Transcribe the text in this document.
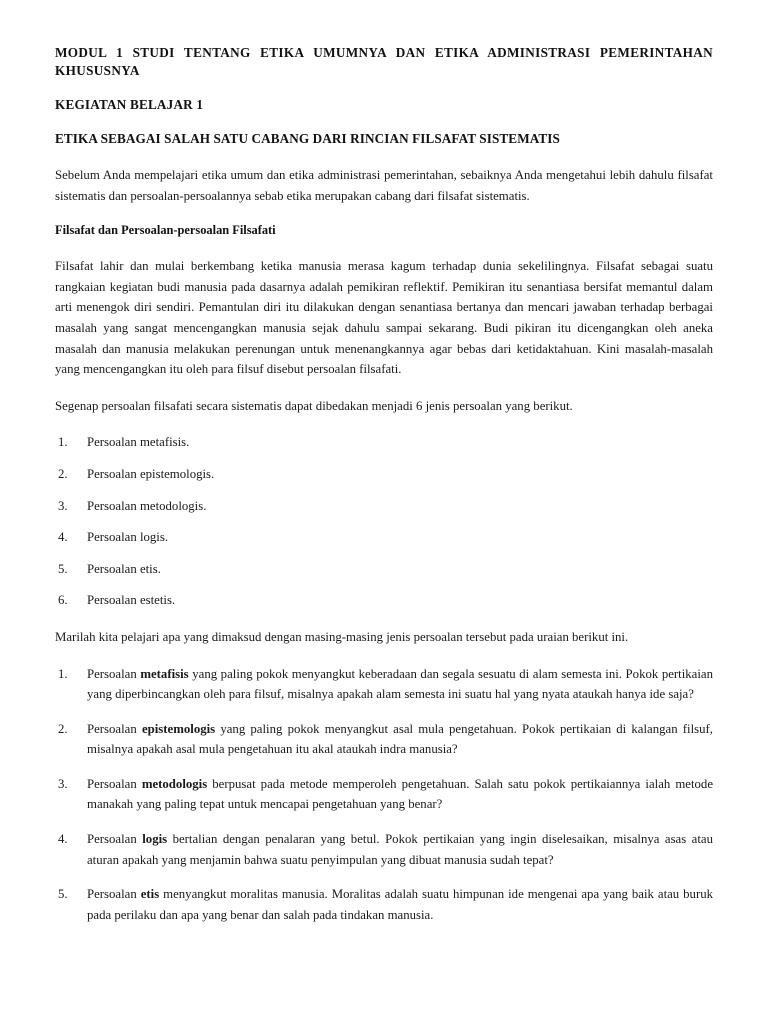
MODUL 1 STUDI TENTANG ETIKA UMUMNYA DAN ETIKA ADMINISTRASI PEMERINTAHAN KHUSUSNYA
KEGIATAN BELAJAR 1
ETIKA SEBAGAI SALAH SATU CABANG DARI RINCIAN FILSAFAT SISTEMATIS

Sebelum Anda mempelajari etika umum dan etika administrasi pemerintahan, sebaiknya Anda mengetahui lebih dahulu filsafat sistematis dan persoalan-persoalannya sebab etika merupakan cabang dari filsafat sistematis.

Filsafat dan Persoalan-persoalan Filsafati

Filsafat lahir dan mulai berkembang ketika manusia merasa kagum terhadap dunia sekelilingnya. Filsafat sebagai suatu rangkaian kegiatan budi manusia pada dasarnya adalah pemikiran reflektif. Pemikiran itu senantiasa bersifat memantul dalam arti menengok diri sendiri. Pemantulan diri itu dilakukan dengan senantiasa bertanya dan mencari jawaban terhadap berbagai masalah yang sangat mencengangkan manusia sejak dahulu sampai sekarang. Budi pikiran itu dicengangkan oleh aneka masalah dan manusia melakukan perenungan untuk menenangkannya agar bebas dari ketidaktahuan. Kini masalah-masalah yang mencengangkan itu oleh para filsuf disebut persoalan filsafati.

Segenap persoalan filsafati secara sistematis dapat dibedakan menjadi 6 jenis persoalan yang berikut.

1.	Persoalan metafisis.
2.	Persoalan epistemologis.
3.	Persoalan metodologis.
4.	Persoalan logis.
5.	Persoalan etis.
6.	Persoalan estetis.

Marilah kita pelajari apa yang dimaksud dengan masing-masing jenis persoalan tersebut pada uraian berikut ini.

1.	Persoalan metafisis yang paling pokok menyangkut keberadaan dan segala sesuatu di alam semesta ini. Pokok pertikaian yang diperbincangkan oleh para filsuf, misalnya apakah alam semesta ini suatu hal yang nyata ataukah hanya ide saja?
2.	Persoalan epistemologis yang paling pokok menyangkut asal mula pengetahuan. Pokok pertikaian di kalangan filsuf, misalnya apakah asal mula pengetahuan itu akal ataukah indra manusia?
3.	Persoalan metodologis berpusat pada metode memperoleh pengetahuan. Salah satu pokok pertikaiannya ialah metode manakah yang paling tepat untuk mencapai pengetahuan yang benar?
4.	Persoalan logis bertalian dengan penalaran yang betul. Pokok pertikaian yang ingin diselesaikan, misalnya asas atau aturan apakah yang menjamin bahwa suatu penyimpulan yang dibuat manusia sudah tepat?
5.	Persoalan etis menyangkut moralitas manusia. Moralitas adalah suatu himpunan ide mengenai apa yang baik atau buruk pada perilaku dan apa yang benar dan salah pada tindakan manusia.
